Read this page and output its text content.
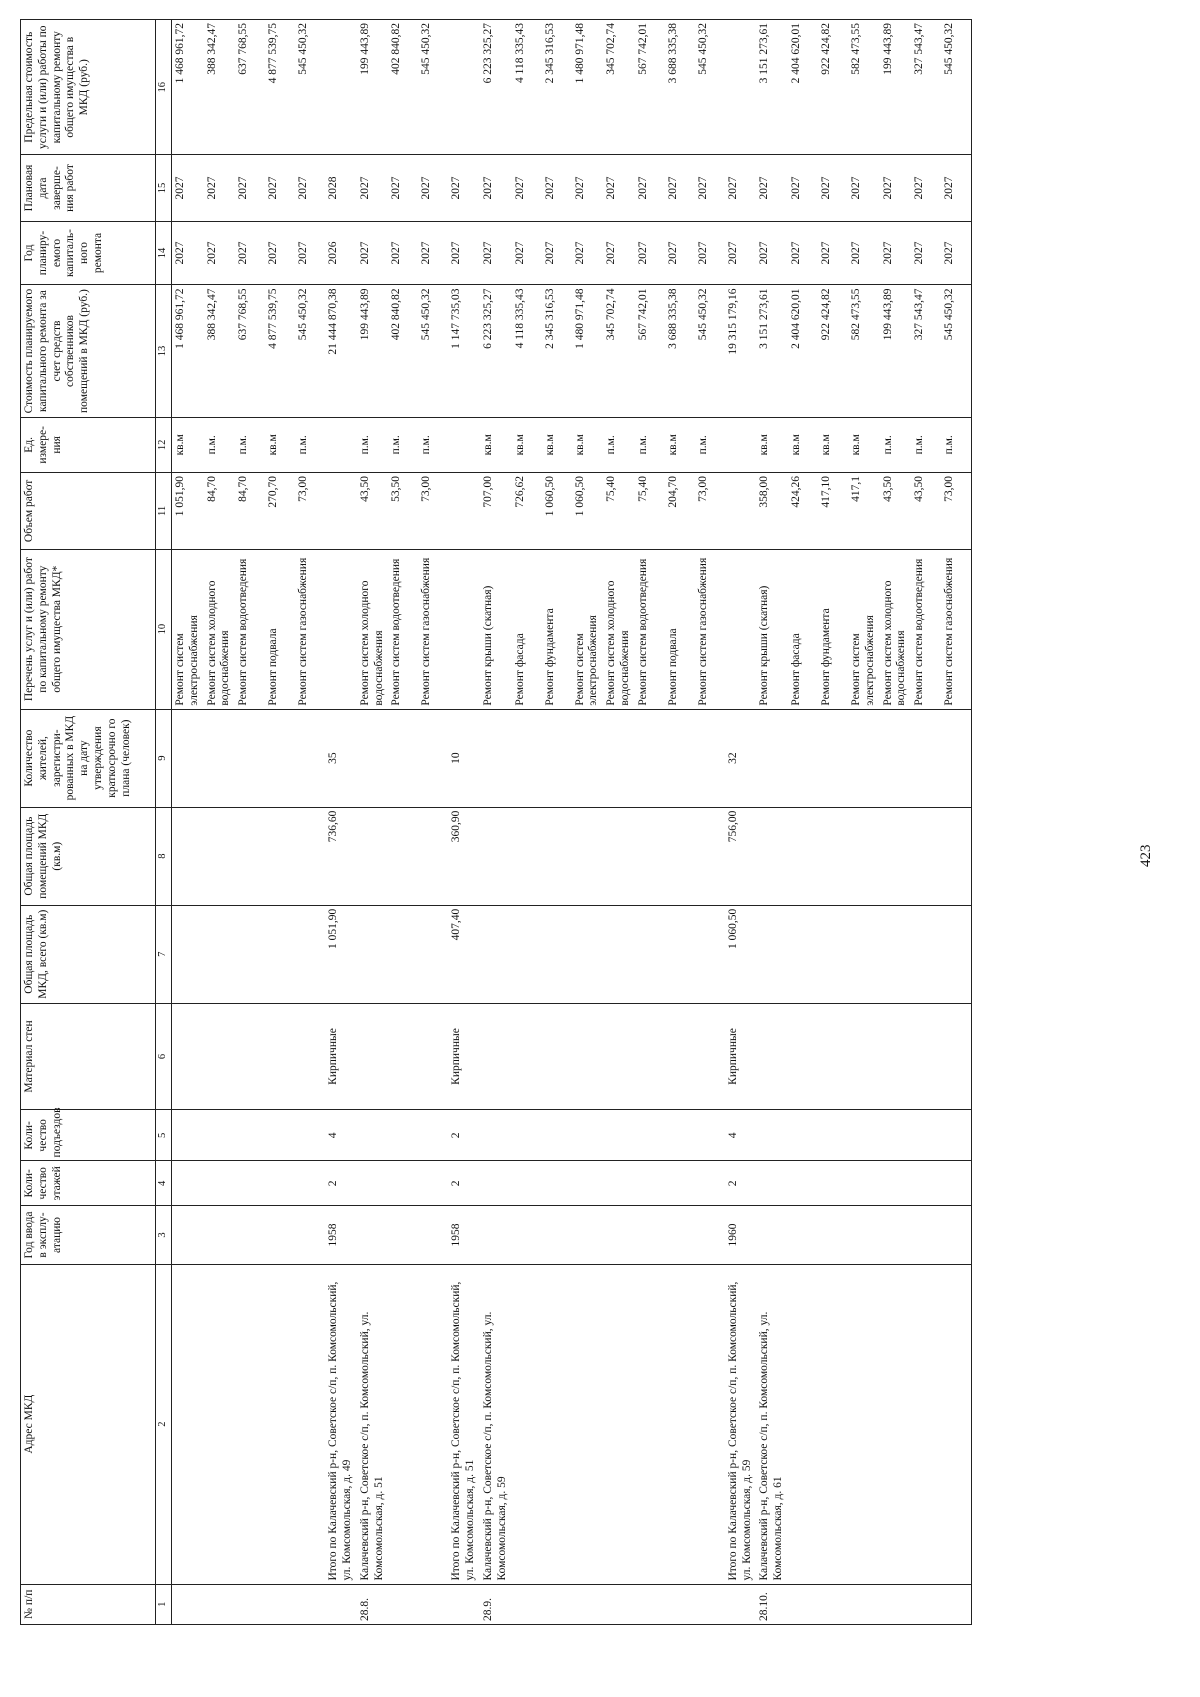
423
№ п/п	Адрес МКД	Год ввода в эксплу-атацию	Коли-чество этажей	Коли-чество подъездов	Материал стен	Общая площадь МКД, всего (кв.м)	Общая площадь помещений МКД (кв.м)	Количество жителей, зарегистри-рованных в МКД на дату утверждения краткосрочно го плана (человек)	Перечень услуг и (или) работ по капитальному ремонту общего имущества МКД*	Объем работ	Ед. измере-ния	Стоимость планируемого капитального ремонта за счет средств собственников помещений в МКД (руб.)	Год планиру-емого капиталь-ного ремонта	Плановая дата заверше-ния работ	Предельная стоимость услуги и (или) работы по капитальному ремонту общего имущества в МКД (руб.)
1	2	3	4	5	6	7	8	9	10	11	12	13	14	15	16
									Ремонт систем электроснабжения	1 051,90	кв.м	1 468 961,72	2027	2027	1 468 961,72
									Ремонт систем холодного водоснабжения	84,70	п.м.	388 342,47	2027	2027	388 342,47
									Ремонт систем водоотведения	84,70	п.м.	637 768,55	2027	2027	637 768,55
									Ремонт подвала	270,70	кв.м	4 877 539,75	2027	2027	4 877 539,75
									Ремонт систем газоснабжения	73,00	п.м.	545 450,32	2027	2027	545 450,32
	Итого по Калачевский р-н, Советское с/п, п. Комсомольский, ул. Комсомольская, д. 49	1958	2	4	Кирпичные	1 051,90	736,60	35				21 444 870,38	2026	2028	
28.8.	Калачевский р-н, Советское с/п, п. Комсомольский, ул. Комсомольская, д. 51								Ремонт систем холодного водоснабжения	43,50	п.м.	199 443,89	2027	2027	199 443,89
									Ремонт систем водоотведения	53,50	п.м.	402 840,82	2027	2027	402 840,82
									Ремонт систем газоснабжения	73,00	п.м.	545 450,32	2027	2027	545 450,32
	Итого по Калачевский р-н, Советское с/п, п. Комсомольский, ул. Комсомольская, д. 51	1958	2	2	Кирпичные	407,40	360,90	10				1 147 735,03	2027	2027	
28.9.	Калачевский р-н, Советское с/п, п. Комсомольский, ул. Комсомольская, д. 59								Ремонт крыши (скатная)	707,00	кв.м	6 223 325,27	2027	2027	6 223 325,27
									Ремонт фасада	726,62	кв.м	4 118 335,43	2027	2027	4 118 335,43
									Ремонт фундамента	1 060,50	кв.м	2 345 316,53	2027	2027	2 345 316,53
									Ремонт систем электроснабжения	1 060,50	кв.м	1 480 971,48	2027	2027	1 480 971,48
									Ремонт систем холодного водоснабжения	75,40	п.м.	345 702,74	2027	2027	345 702,74
									Ремонт систем водоотведения	75,40	п.м.	567 742,01	2027	2027	567 742,01
									Ремонт подвала	204,70	кв.м	3 688 335,38	2027	2027	3 688 335,38
									Ремонт систем газоснабжения	73,00	п.м.	545 450,32	2027	2027	545 450,32
	Итого по Калачевский р-н, Советское с/п, п. Комсомольский, ул. Комсомольская, д. 59	1960	2	4	Кирпичные	1 060,50	756,00	32				19 315 179,16	2027	2027	
28.10.	Калачевский р-н, Советское с/п, п. Комсомольский, ул. Комсомольская, д. 61								Ремонт крыши (скатная)	358,00	кв.м	3 151 273,61	2027	2027	3 151 273,61
									Ремонт фасада	424,26	кв.м	2 404 620,01	2027	2027	2 404 620,01
									Ремонт фундамента	417,10	кв.м	922 424,82	2027	2027	922 424,82
									Ремонт систем электроснабжения	417,1	кв.м	582 473,55	2027	2027	582 473,55
									Ремонт систем холодного водоснабжения	43,50	п.м.	199 443,89	2027	2027	199 443,89
									Ремонт систем водоотведения	43,50	п.м.	327 543,47	2027	2027	327 543,47
									Ремонт систем газоснабжения	73,00	п.м.	545 450,32	2027	2027	545 450,32
